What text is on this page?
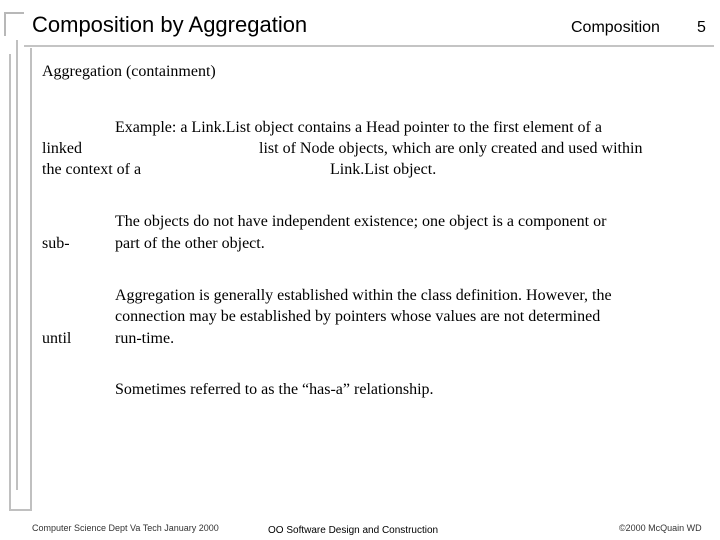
Composition by Aggregation	Composition 5
Aggregation (containment)
Example: a Link.List object contains a Head pointer to the first element of a
linked	list of Node objects, which are only created and used within
the context of a	Link.List object.
The objects do not have independent existence; one object is a component or
sub-	part of the other object.
Aggregation is generally established within the class definition. However, the
connection may be established by pointers whose values are not determined
until	run-time.
Sometimes referred to as the “has-a” relationship.
Computer Science Dept Va Tech January 2000	OO Software Design and Construction	©2000 McQuain WD
